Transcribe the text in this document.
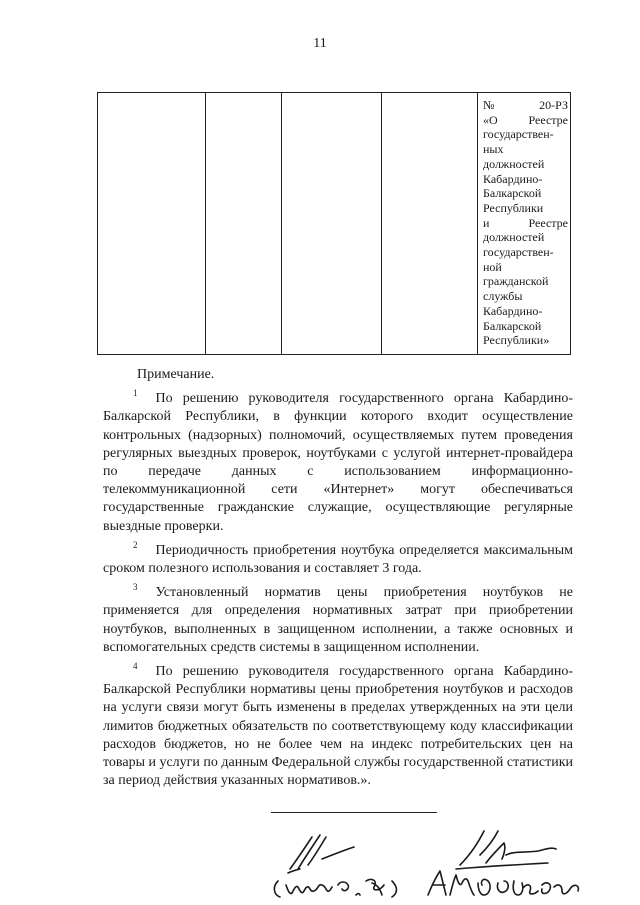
11

№	20-РЗ
«О	Реестре
государствен-
ных
должностей
Кабардино-
Балкарской
Республики
и	Реестре
должностей
государствен-
ной
гражданской
службы
Кабардино-
Балкарской
Республики»

Примечание.

$^1$ По решению руководителя государственного органа Кабардино-Балкарской Республики, в функции которого входит осуществление контрольных (надзорных) полномочий, осуществляемых путем проведения регулярных выездных проверок, ноутбуками с услугой интернет-провайдера по передаче данных с использованием информационно-телекоммуникационной сети «Интернет» могут обеспечиваться государственные гражданские служащие, осуществляющие регулярные выездные проверки.

$^2$ Периодичность приобретения ноутбука определяется максимальным сроком полезного использования и составляет 3 года.

$^3$ Установленный норматив цены приобретения ноутбуков не применяется для определения нормативных затрат при приобретении ноутбуков, выполненных в защищенном исполнении, а также основных и вспомогательных средств системы в защищенном исполнении.

$^4$ По решению руководителя государственного органа Кабардино-Балкарской Республики нормативы цены приобретения ноутбуков и расходов на услуги связи могут быть изменены в пределах утвержденных на эти цели лимитов бюджетных обязательств по соответствующему коду классификации расходов бюджетов, но не более чем на индекс потребительских цен на товары и услуги по данным Федеральной службы государственной статистики за период действия указанных нормативов.».
